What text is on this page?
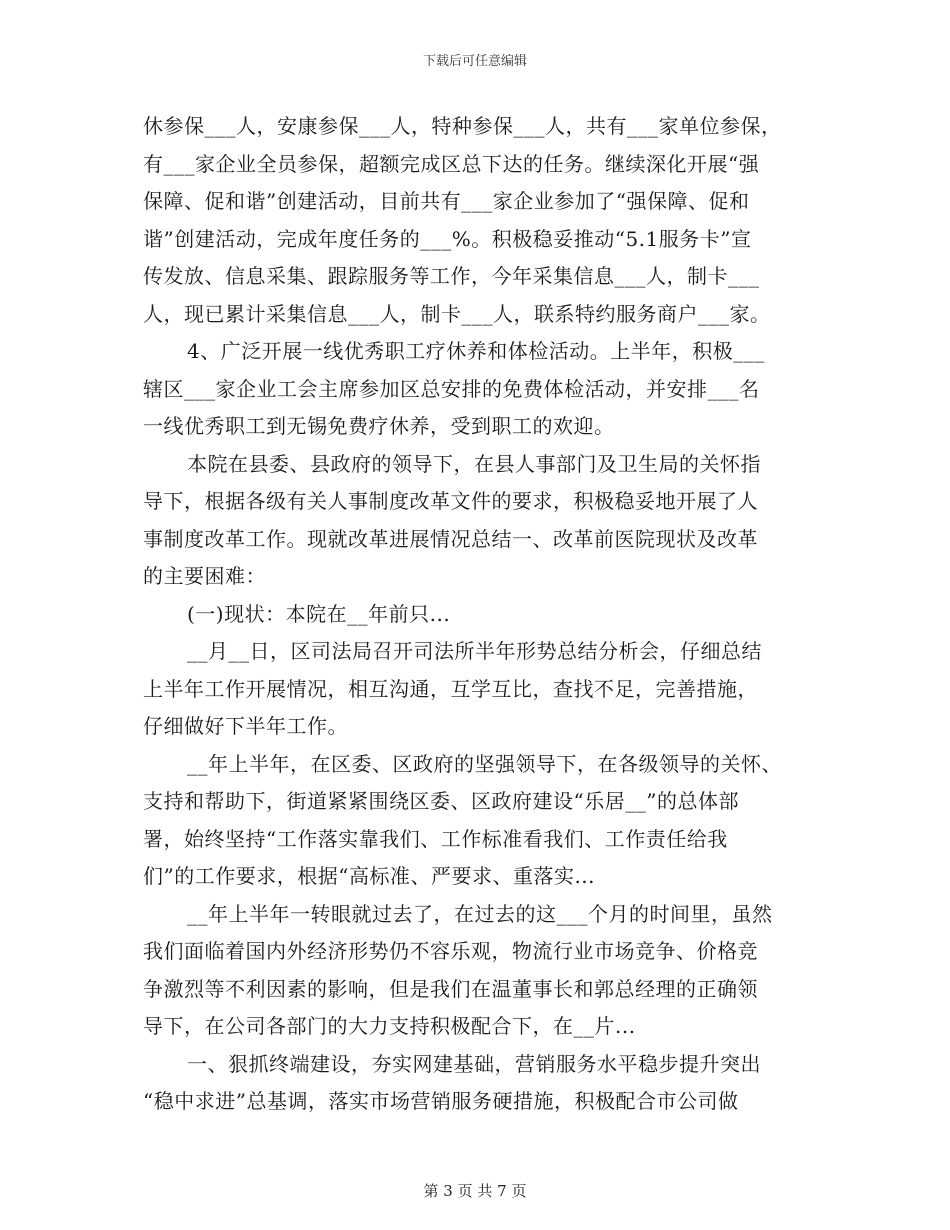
下载后可任意编辑
休参保___人，安康参保___人，特种参保___人，共有___家单位参保，
有___家企业全员参保，超额完成区总下达的任务。继续深化开展“强
保障、促和谐”创建活动，目前共有___家企业参加了“强保障、促和
谐”创建活动，完成年度任务的___%。积极稳妥推动“5.1服务卡”宣
传发放、信息采集、跟踪服务等工作，今年采集信息___人，制卡___
人，现已累计采集信息___人，制卡___人，联系特约服务商户___家。
4、广泛开展一线优秀职工疗休养和体检活动。上半年，积极___
辖区___家企业工会主席参加区总安排的免费体检活动，并安排___名
一线优秀职工到无锡免费疗休养，受到职工的欢迎。
本院在县委、县政府的领导下，在县人事部门及卫生局的关怀指
导下，根据各级有关人事制度改革文件的要求，积极稳妥地开展了人
事制度改革工作。现就改革进展情况总结一、改革前医院现状及改革
的主要困难：
(一)现状：本院在__年前只...
__月__日，区司法局召开司法所半年形势总结分析会，仔细总结
上半年工作开展情况，相互沟通，互学互比，查找不足，完善措施，
仔细做好下半年工作。
__年上半年，在区委、区政府的坚强领导下，在各级领导的关怀、
支持和帮助下，街道紧紧围绕区委、区政府建设“乐居__”的总体部
署，始终坚持“工作落实靠我们、工作标准看我们、工作责任给我
们”的工作要求，根据“高标准、严要求、重落实...
__年上半年一转眼就过去了，在过去的这___个月的时间里，虽然
我们面临着国内外经济形势仍不容乐观，物流行业市场竞争、价格竞
争激烈等不利因素的影响，但是我们在温董事长和郭总经理的正确领
导下，在公司各部门的大力支持积极配合下，在__片...
一、狠抓终端建设，夯实网建基础，营销服务水平稳步提升突出
“稳中求进”总基调，落实市场营销服务硬措施，积极配合市公司做
第 3 页 共 7 页
